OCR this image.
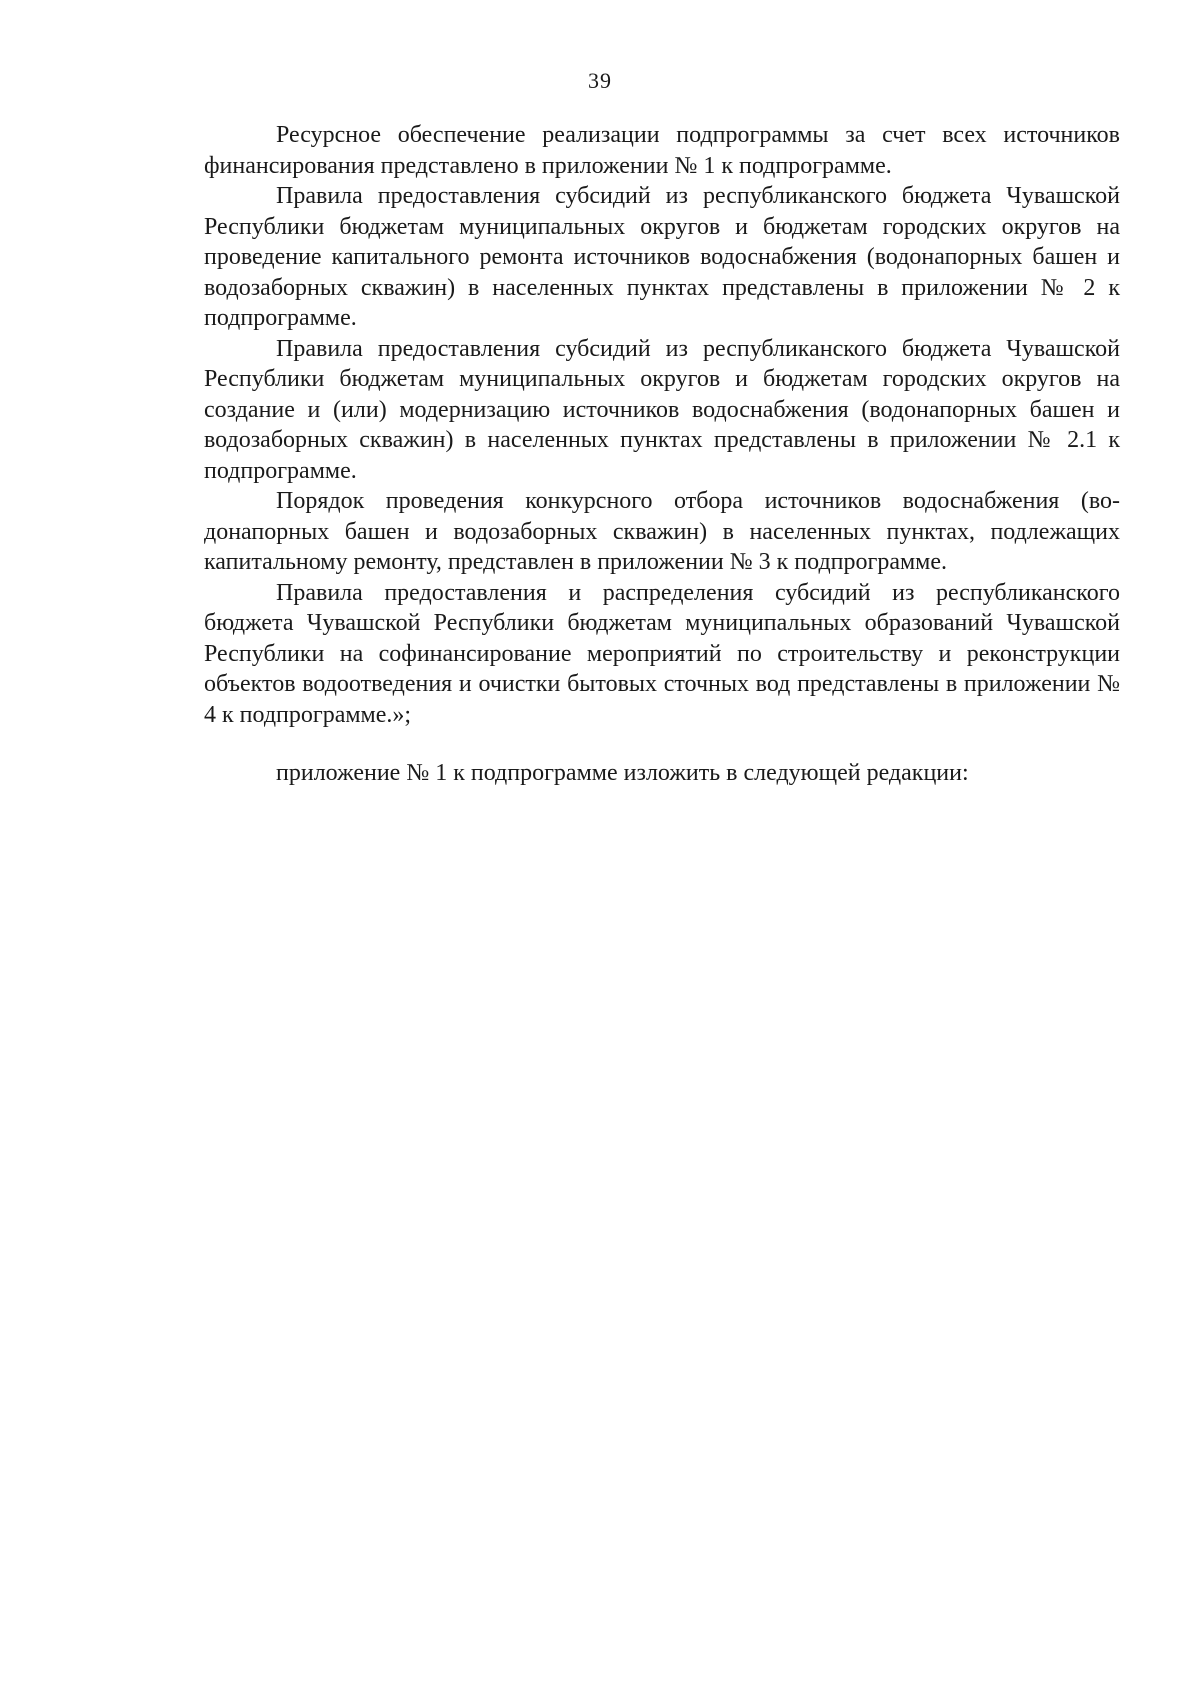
39

Ресурсное обеспечение реализации подпрограммы за счет всех источников финансирования представлено в приложении № 1 к подпрограмме.

Правила предоставления субсидий из республиканского бюджета Чувашской Республики бюджетам муниципальных округов и бюджетам городских округов на проведение капитального ремонта источников водоснабжения (водонапорных башен и водозаборных скважин) в населенных пунктах представлены в приложении № 2 к подпрограмме.

Правила предоставления субсидий из республиканского бюджета Чувашской Республики бюджетам муниципальных округов и бюджетам городских округов на создание и (или) модернизацию источников водоснабжения (водонапорных башен и водозаборных скважин) в населенных пунктах представлены в приложении № 2.1 к подпрограмме.

Порядок проведения конкурсного отбора источников водоснабжения (водонапорных башен и водозаборных скважин) в населенных пунктах, подлежащих капитальному ремонту, представлен в приложении № 3 к подпрограмме.

Правила предоставления и распределения субсидий из республиканского бюджета Чувашской Республики бюджетам муниципальных образований Чувашской Республики на софинансирование мероприятий по строительству и реконструкции объектов водоотведения и очистки бытовых сточных вод представлены в приложении № 4 к подпрограмме.»;

приложение № 1 к подпрограмме изложить в следующей редакции:
